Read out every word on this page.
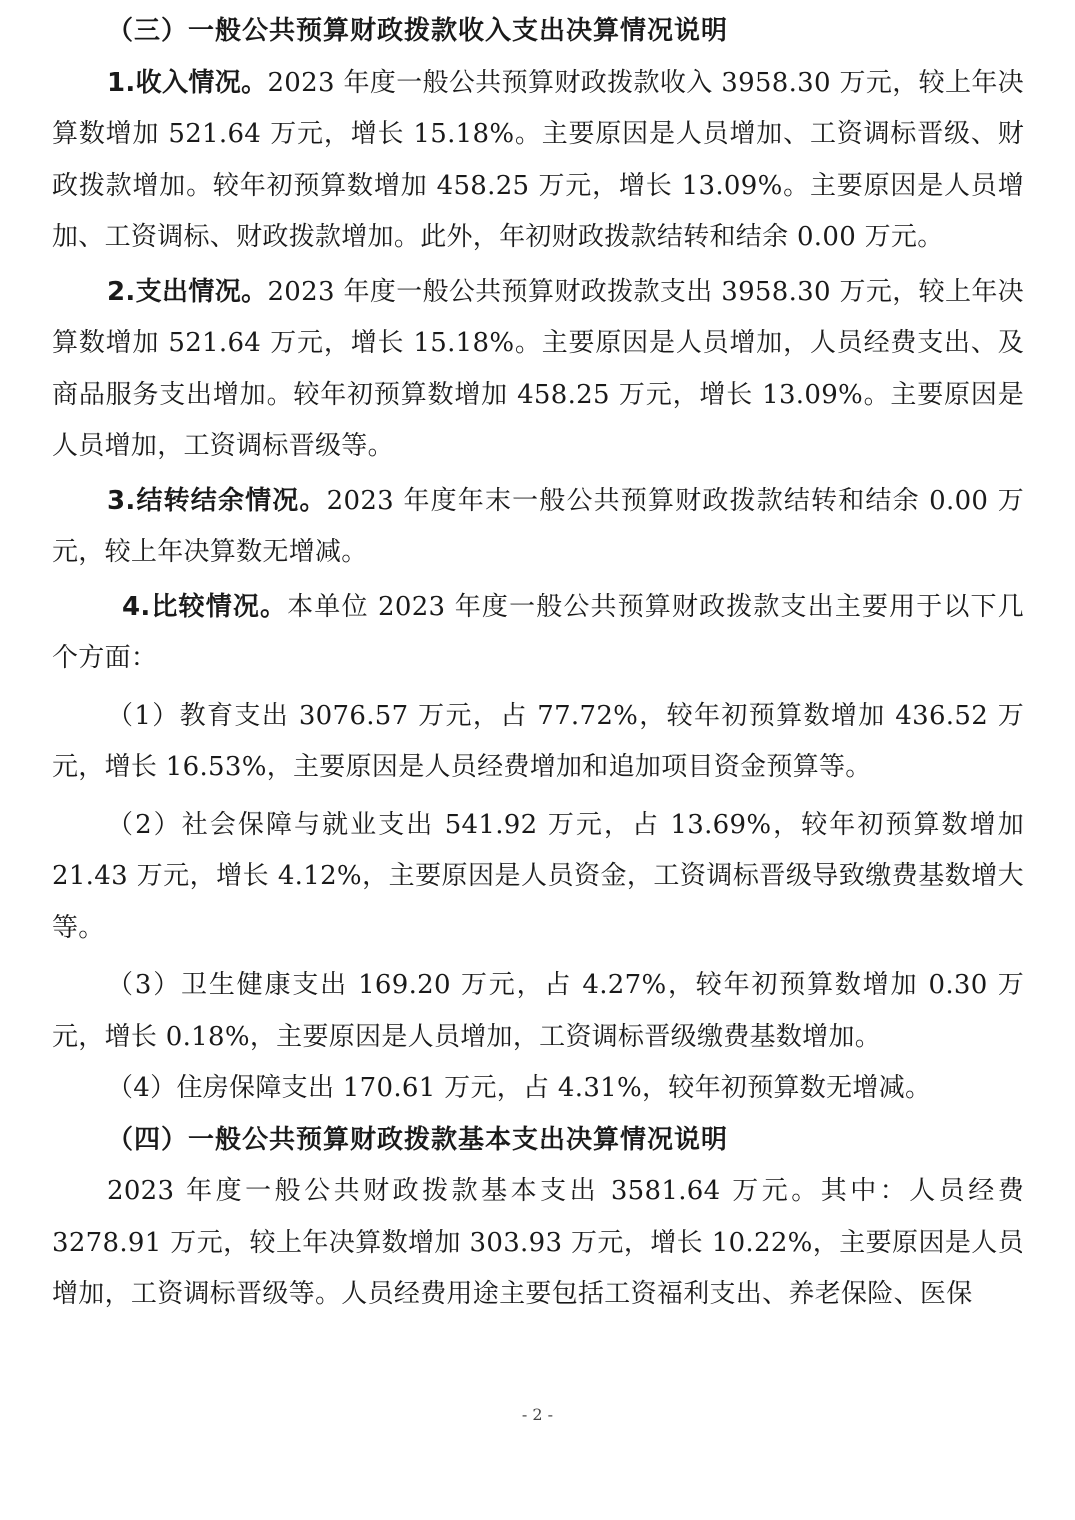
（三）一般公共预算财政拨款收入支出决算情况说明

1.收入情况。2023 年度一般公共预算财政拨款收入 3958.30 万元，较上年决算数增加 521.64 万元，增长 15.18%。主要原因是人员增加、工资调标晋级、财政拨款增加。较年初预算数增加 458.25 万元，增长 13.09%。主要原因是人员增加、工资调标、财政拨款增加。此外，年初财政拨款结转和结余 0.00 万元。

2.支出情况。2023 年度一般公共预算财政拨款支出 3958.30 万元，较上年决算数增加 521.64 万元，增长 15.18%。主要原因是人员增加，人员经费支出、及商品服务支出增加。较年初预算数增加 458.25 万元，增长 13.09%。主要原因是人员增加，工资调标晋级等。

3.结转结余情况。2023 年度年末一般公共预算财政拨款结转和结余 0.00 万元，较上年决算数无增减。

4.比较情况。本单位 2023 年度一般公共预算财政拨款支出主要用于以下几个方面：

（1）教育支出 3076.57 万元，占 77.72%，较年初预算数增加 436.52 万元，增长 16.53%，主要原因是人员经费增加和追加项目资金预算等。

（2）社会保障与就业支出 541.92 万元，占 13.69%，较年初预算数增加 21.43 万元，增长 4.12%，主要原因是人员资金，工资调标晋级导致缴费基数增大等。

（3）卫生健康支出 169.20 万元，占 4.27%，较年初预算数增加 0.30 万元，增长 0.18%，主要原因是人员增加，工资调标晋级缴费基数增加。

（4）住房保障支出 170.61 万元，占 4.31%，较年初预算数无增减。

（四）一般公共预算财政拨款基本支出决算情况说明

2023 年度一般公共财政拨款基本支出 3581.64 万元。其中：人员经费 3278.91 万元，较上年决算数增加 303.93 万元，增长 10.22%，主要原因是人员增加，工资调标晋级等。人员经费用途主要包括工资福利支出、养老保险、医保

- 2 -
